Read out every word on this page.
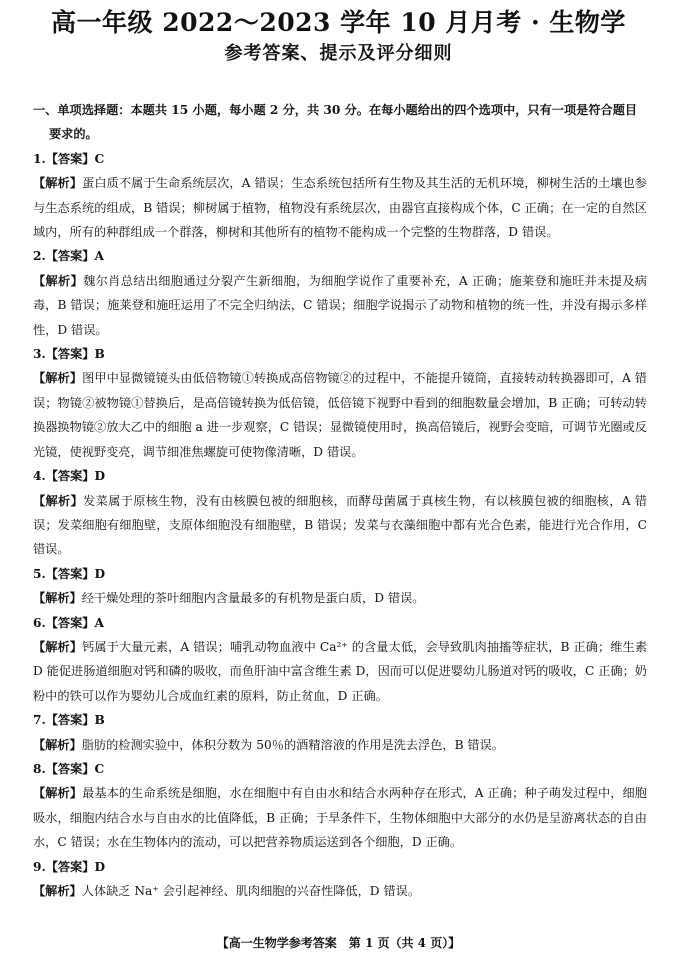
高一年级 2022～2023 学年 10 月月考 · 生物学
参考答案、提示及评分细则

一、单项选择题：本题共 15 小题，每小题 2 分，共 30 分。在每小题给出的四个选项中，只有一项是符合题目要求的。

1.【答案】C

【解析】蛋白质不属于生命系统层次，A 错误；生态系统包括所有生物及其生活的无机环境，柳树生活的土壤也参与生态系统的组成，B 错误；柳树属于植物，植物没有系统层次，由器官直接构成个体，C 正确；在一定的自然区域内，所有的种群组成一个群落，柳树和其他所有的植物不能构成一个完整的生物群落，D 错误。

2.【答案】A

【解析】魏尔肖总结出细胞通过分裂产生新细胞，为细胞学说作了重要补充，A 正确；施莱登和施旺并未提及病毒，B 错误；施莱登和施旺运用了不完全归纳法，C 错误；细胞学说揭示了动物和植物的统一性，并没有揭示多样性，D 错误。

3.【答案】B

【解析】图甲中显微镜镜头由低倍物镜①转换成高倍物镜②的过程中，不能提升镜筒，直接转动转换器即可，A 错误；物镜②被物镜①替换后，是高倍镜转换为低倍镜，低倍镜下视野中看到的细胞数量会增加，B 正确；可转动转换器换物镜②放大乙中的细胞 a 进一步观察，C 错误；显微镜使用时，换高倍镜后，视野会变暗，可调节光圈或反光镜，使视野变亮，调节细准焦螺旋可使物像清晰，D 错误。

4.【答案】D

【解析】发菜属于原核生物，没有由核膜包被的细胞核，而酵母菌属于真核生物，有以核膜包被的细胞核，A 错误；发菜细胞有细胞壁，支原体细胞没有细胞壁，B 错误；发菜与衣藻细胞中都有光合色素，能进行光合作用，C 错误。

5.【答案】D

【解析】经干燥处理的茶叶细胞内含量最多的有机物是蛋白质，D 错误。

6.【答案】A

【解析】钙属于大量元素，A 错误；哺乳动物血液中 Ca²⁺ 的含量太低，会导致肌肉抽搐等症状，B 正确；维生素 D 能促进肠道细胞对钙和磷的吸收，而鱼肝油中富含维生素 D，因而可以促进婴幼儿肠道对钙的吸收，C 正确；奶粉中的铁可以作为婴幼儿合成血红素的原料，防止贫血，D 正确。

7.【答案】B

【解析】脂肪的检测实验中，体积分数为 50％的酒精溶液的作用是洗去浮色，B 错误。

8.【答案】C

【解析】最基本的生命系统是细胞，水在细胞中有自由水和结合水两种存在形式，A 正确；种子萌发过程中，细胞吸水，细胞内结合水与自由水的比值降低，B 正确；于旱条件下，生物体细胞中大部分的水仍是呈游离状态的自由水，C 错误；水在生物体内的流动，可以把营养物质运送到各个细胞，D 正确。

9.【答案】D

【解析】人体缺乏 Na⁺ 会引起神经、肌肉细胞的兴奋性降低，D 错误。

【高一生物学参考答案　第 1 页（共 4 页）】
